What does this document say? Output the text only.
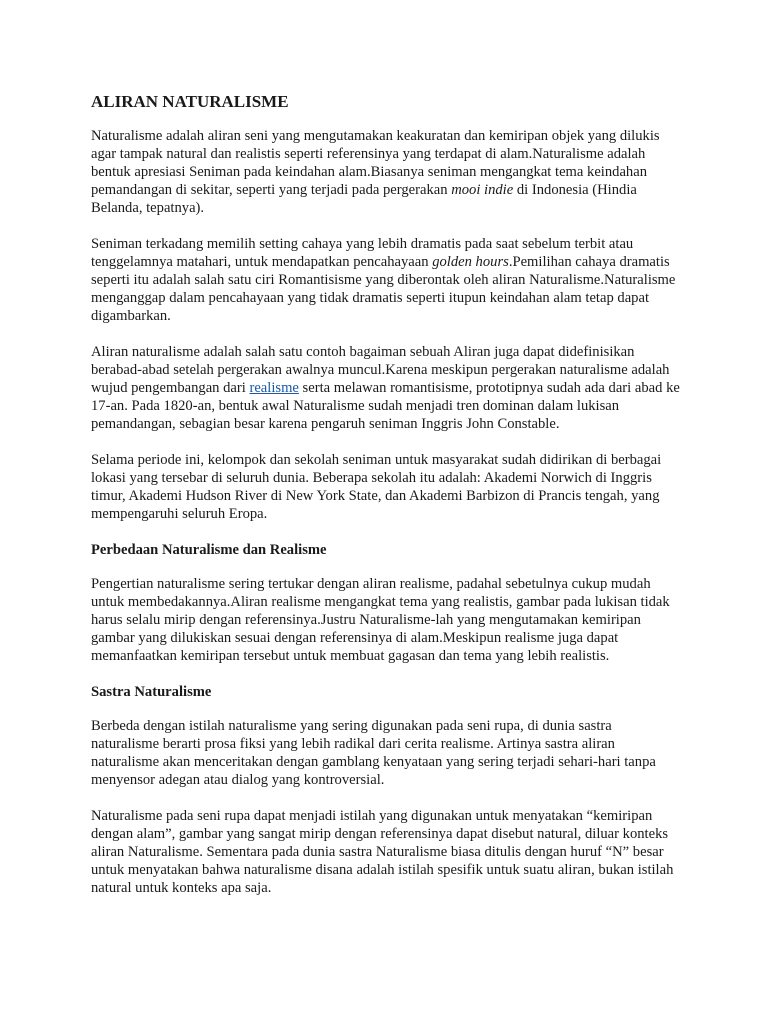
ALIRAN NATURALISME

Naturalisme adalah aliran seni yang mengutamakan keakuratan dan kemiripan objek yang dilukis agar tampak natural dan realistis seperti referensinya yang terdapat di alam.Naturalisme adalah bentuk apresiasi Seniman pada keindahan alam.Biasanya seniman mengangkat tema keindahan pemandangan di sekitar, seperti yang terjadi pada pergerakan mooi indie di Indonesia (Hindia Belanda, tepatnya).

Seniman terkadang memilih setting cahaya yang lebih dramatis pada saat sebelum terbit atau tenggelamnya matahari, untuk mendapatkan pencahayaan golden hours.Pemilihan cahaya dramatis seperti itu adalah salah satu ciri Romantisisme yang diberontak oleh aliran Naturalisme.Naturalisme menganggap dalam pencahayaan yang tidak dramatis seperti itupun keindahan alam tetap dapat digambarkan.

Aliran naturalisme adalah salah satu contoh bagaiman sebuah Aliran juga dapat didefinisikan berabad-abad setelah pergerakan awalnya muncul.Karena meskipun pergerakan naturalisme adalah wujud pengembangan dari realisme serta melawan romantisisme, prototipnya sudah ada dari abad ke 17-an. Pada 1820-an, bentuk awal Naturalisme sudah menjadi tren dominan dalam lukisan pemandangan, sebagian besar karena pengaruh seniman Inggris John Constable.

Selama periode ini, kelompok dan sekolah seniman untuk masyarakat sudah didirikan di berbagai lokasi yang tersebar di seluruh dunia. Beberapa sekolah itu adalah: Akademi Norwich di Inggris timur, Akademi Hudson River di New York State, dan Akademi Barbizon di Prancis tengah, yang mempengaruhi seluruh Eropa.

Perbedaan Naturalisme dan Realisme

Pengertian naturalisme sering tertukar dengan aliran realisme, padahal sebetulnya cukup mudah untuk membedakannya.Aliran realisme mengangkat tema yang realistis, gambar pada lukisan tidak harus selalu mirip dengan referensinya.Justru Naturalisme-lah yang mengutamakan kemiripan gambar yang dilukiskan sesuai dengan referensinya di alam.Meskipun realisme juga dapat memanfaatkan kemiripan tersebut untuk membuat gagasan dan tema yang lebih realistis.

Sastra Naturalisme

Berbeda dengan istilah naturalisme yang sering digunakan pada seni rupa, di dunia sastra naturalisme berarti prosa fiksi yang lebih radikal dari cerita realisme. Artinya sastra aliran naturalisme akan menceritakan dengan gamblang kenyataan yang sering terjadi sehari-hari tanpa menyensor adegan atau dialog yang kontroversial.

Naturalisme pada seni rupa dapat menjadi istilah yang digunakan untuk menyatakan “kemiripan dengan alam”, gambar yang sangat mirip dengan referensinya dapat disebut natural, diluar konteks aliran Naturalisme. Sementara pada dunia sastra Naturalisme biasa ditulis dengan huruf “N” besar untuk menyatakan bahwa naturalisme disana adalah istilah spesifik untuk suatu aliran, bukan istilah natural untuk konteks apa saja.
